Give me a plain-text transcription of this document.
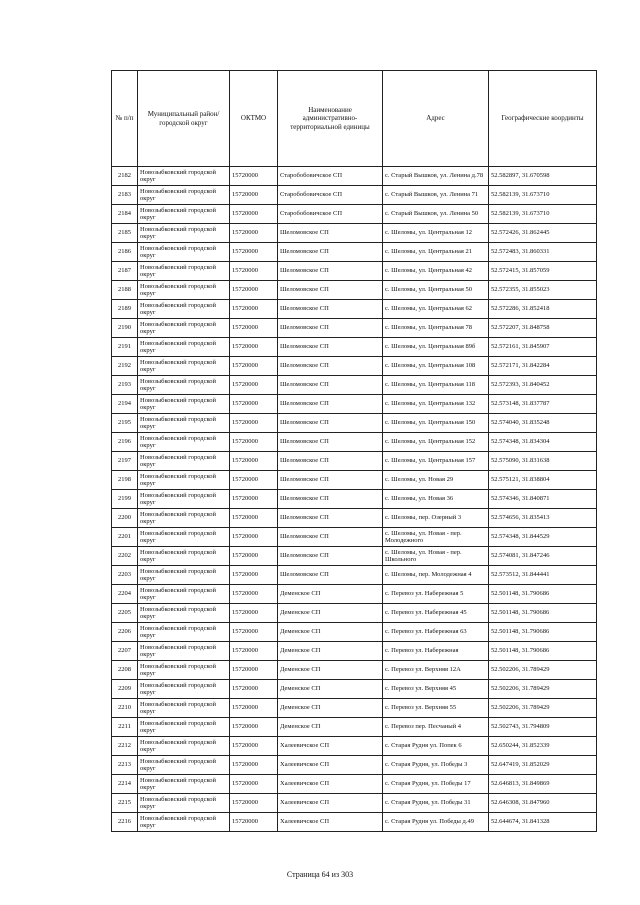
№ п/п	Муниципальный район/городской округ	ОКТМО	Наименование административно-территориальной единицы	Адрес	Географические координты
2182	Новозыбковский городской округ	15720000	Старобобовичское СП	с. Старый Вышков, ул. Ленина д.78	52.582897, 31.670598
2183	Новозыбковский городской округ	15720000	Старобобовичское СП	с. Старый Вышков, ул. Ленина 71	52.582139, 31.673710
2184	Новозыбковский городской округ	15720000	Старобобовичское СП	с. Старый Вышков, ул. Ленина 50	52.582139, 31.673710
2185	Новозыбковский городской округ	15720000	Шеломовское СП	с. Шеломы, ул. Центральная 12	52.572426, 31.862445
2186	Новозыбковский городской округ	15720000	Шеломовское СП	с. Шеломы, ул. Центральная 21	52.572483, 31.860331
2187	Новозыбковский городской округ	15720000	Шеломовское СП	с. Шеломы, ул. Центральная 42	52.572415, 31.857059
2188	Новозыбковский городской округ	15720000	Шеломовское СП	с. Шеломы, ул. Центральная 50	52.572355, 31.855023
2189	Новозыбковский городской округ	15720000	Шеломовское СП	с. Шеломы, ул. Центральная 62	52.572286, 31.852418
2190	Новозыбковский городской округ	15720000	Шеломовское СП	с. Шеломы, ул. Центральная 78	52.572207, 31.848758
2191	Новозыбковский городской округ	15720000	Шеломовское СП	с. Шеломы, ул. Центральная 89б	52.572161, 31.845907
2192	Новозыбковский городской округ	15720000	Шеломовское СП	с. Шеломы, ул. Центральная 108	52.572171, 31.842284
2193	Новозыбковский городской округ	15720000	Шеломовское СП	с. Шеломы, ул. Центральная 118	52.572393, 31.840452
2194	Новозыбковский городской округ	15720000	Шеломовское СП	с. Шеломы, ул. Центральная 132	52.573148, 31.837787
2195	Новозыбковский городской округ	15720000	Шеломовское СП	с. Шеломы, ул. Центральная 150	52.574040, 31.835248
2196	Новозыбковский городской округ	15720000	Шеломовское СП	с. Шеломы, ул. Центральная 152	52.574348, 31.834304
2197	Новозыбковский городской округ	15720000	Шеломовское СП	с. Шеломы, ул. Центральная 157	52.575090, 31.831638
2198	Новозыбковский городской округ	15720000	Шеломовское СП	с. Шеломы, ул. Новая 29	52.575121, 31.838804
2199	Новозыбковский городской округ	15720000	Шеломовское СП	с. Шеломы, ул. Новая 36	52.574346, 31.840871
2200	Новозыбковский городской округ	15720000	Шеломовское СП	с. Шеломы, пер. Озерный 3	52.574656, 31.835413
2201	Новозыбковский городской округ	15720000	Шеломовское СП	с. Шеломы, ул. Новая - пер. Молодежного	52.574348, 31.844529
2202	Новозыбковский городской округ	15720000	Шеломовское СП	с. Шеломы, ул. Новая - пер. Школьного	52.574081, 31.847246
2203	Новозыбковский городской округ	15720000	Шеломовское СП	с. Шеломы, пер. Молодежная 4	52.573512, 31.844441
2204	Новозыбковский городской округ	15720000	Деменское СП	с. Перевоз ул. Набережная 5	52.501148, 31.790686
2205	Новозыбковский городской округ	15720000	Деменское СП	с. Перевоз ул. Набережная 45	52.501148, 31.790686
2206	Новозыбковский городской округ	15720000	Деменское СП	с. Перевоз ул. Набережная 63	52.501148, 31.790686
2207	Новозыбковский городской округ	15720000	Деменское СП	с. Перевоз ул. Набережная	52.501148, 31.790686
2208	Новозыбковский городской округ	15720000	Деменское СП	с. Перевоз ул. Верхняя 12А	52.502206, 31.789429
2209	Новозыбковский городской округ	15720000	Деменское СП	с. Перевоз ул. Верхняя 45	52.502206, 31.789429
2210	Новозыбковский городской округ	15720000	Деменское СП	с. Перевоз ул. Верхняя 55	52.502206, 31.789429
2211	Новозыбковский городской округ	15720000	Деменское СП	с. Перевоз пер. Песчаный 4	52.502743, 31.794809
2212	Новозыбковский городской округ	15720000	Халеевичское СП	с. Старая Рудня ул. Попек 6	52.650244, 31.852339
2213	Новозыбковский городской округ	15720000	Халеевичское СП	с. Старая Рудня, ул. Победы 3	52.647419, 31.852029
2214	Новозыбковский городской округ	15720000	Халеевичское СП	с. Старая Рудня, ул. Победы 17	52.646813, 31.849869
2215	Новозыбковский городской округ	15720000	Халеевичское СП	с. Старая Рудня, ул. Победы 31	52.646308, 31.847960
2216	Новозыбковский городской округ	15720000	Халеевичское СП	с. Старая Рудня ул. Победы д.49	52.644674, 31.841328
Страница 64 из 303
